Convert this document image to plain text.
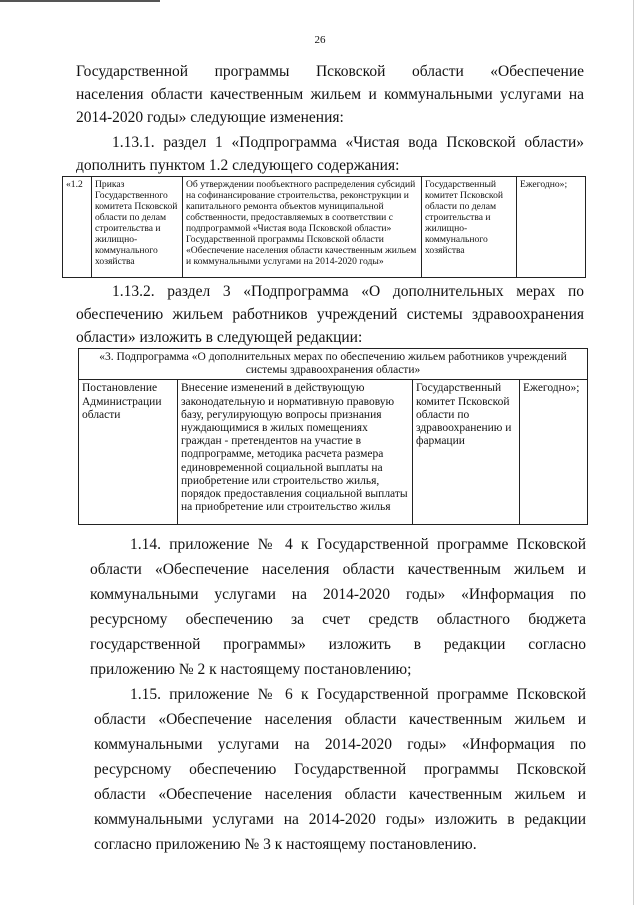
26
Государственной программы Псковской области «Обеспечение
населения области качественным жильем и коммунальными услугами на
2014-2020 годы» следующие изменения:
1.13.1. раздел 1 «Подпрограмма «Чистая вода Псковской области»
дополнить пунктом 1.2 следующего содержания:
«1.2	Приказ Государственного комитета Псковской области по делам строительства и жилищно-коммунального хозяйства	Об утверждении пообъектного распределения субсидий на софинансирование строительства, реконструкции и капитального ремонта объектов муниципальной собственности, предоставляемых в соответствии с подпрограммой «Чистая вода Псковской области» Государственной программы Псковской области «Обеспечение населения области качественным жильем и коммунальными услугами на 2014-2020 годы»	Государственный комитет Псковской области по делам строительства и жилищно-коммунального хозяйства	Ежегодно»;
1.13.2. раздел 3 «Подпрограмма «О дополнительных мерах по
обеспечению жильем работников учреждений системы здравоохранения
области» изложить в следующей редакции:
«3. Подпрограмма «О дополнительных мерах по обеспечению жильем работников учреждений системы здравоохранения области»
Постановление Администрации области	Внесение изменений в действующую законодательную и нормативную правовую базу, регулирующую вопросы признания нуждающимися в жилых помещениях граждан - претендентов на участие в подпрограмме, методика расчета размера единовременной социальной выплаты на приобретение или строительство жилья, порядок предоставления социальной выплаты на приобретение или строительство жилья	Государственный комитет Псковской области по здравоохранению и фармации	Ежегодно»;
1.14. приложение № 4 к Государственной программе Псковской
области «Обеспечение населения области качественным жильем и
коммунальными услугами на 2014-2020 годы» «Информация по
ресурсному обеспечению за счет средств областного бюджета
государственной программы» изложить в редакции согласно
приложению № 2 к настоящему постановлению;
1.15. приложение № 6 к Государственной программе Псковской
области «Обеспечение населения области качественным жильем и
коммунальными услугами на 2014-2020 годы» «Информация по
ресурсному обеспечению Государственной программы Псковской
области «Обеспечение населения области качественным жильем и
коммунальными услугами на 2014-2020 годы» изложить в редакции
согласно приложению № 3 к настоящему постановлению.
